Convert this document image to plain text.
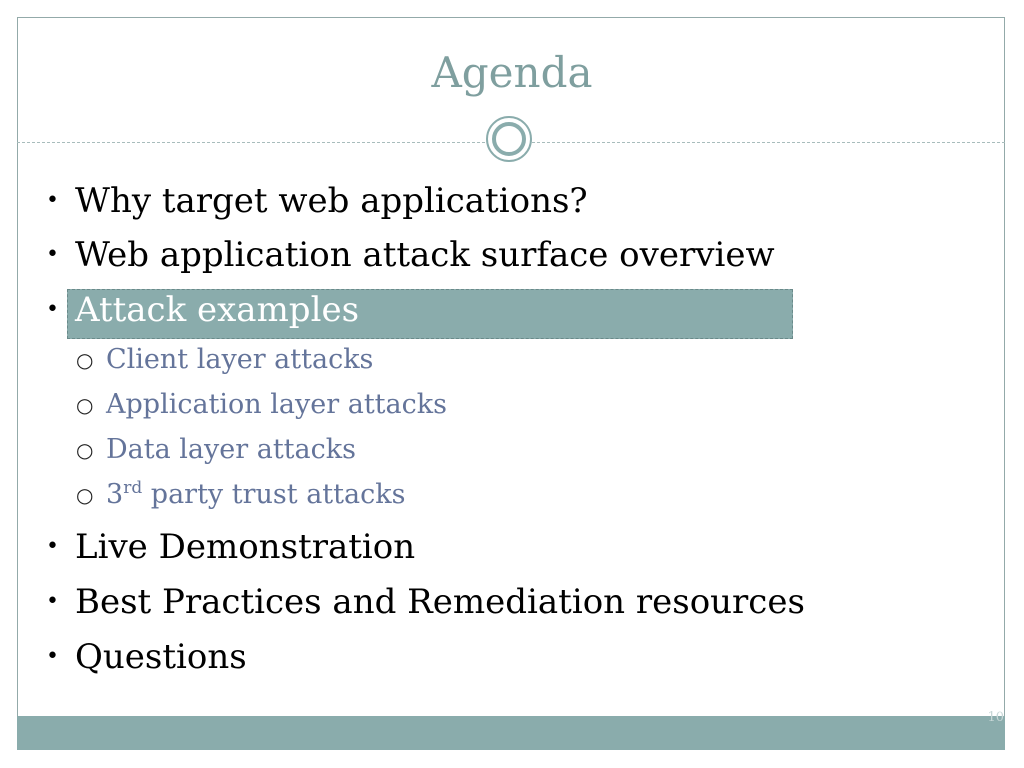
Agenda
• Why target web applications?
• Web application attack surface overview
• Attack examples
○ Client layer attacks
○ Application layer attacks
○ Data layer attacks
○ 3rd party trust attacks
• Live Demonstration
• Best Practices and Remediation resources
• Questions
10
